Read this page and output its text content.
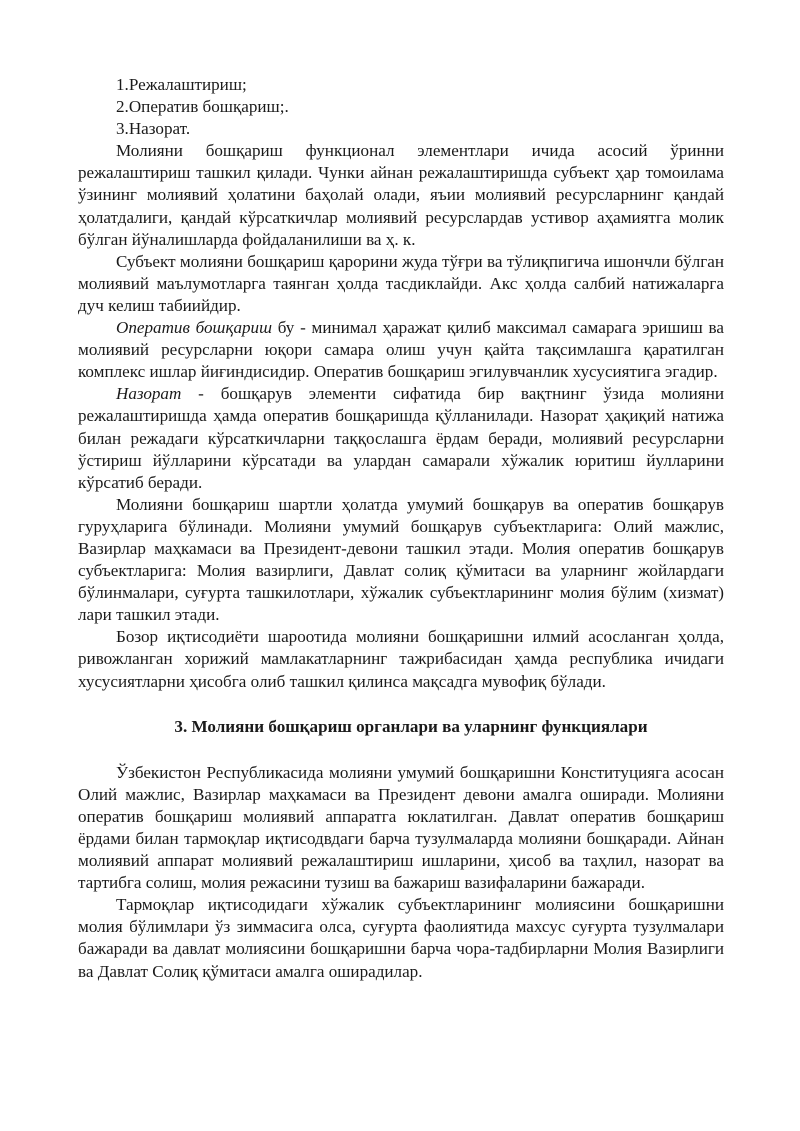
1.Режалаштириш;
2.Оператив бошқариш;.
3.Назорат.

Молияни бошқариш функционал элементлари ичида асосий ўринни режалаштириш ташкил қилади. Чунки айнан режалаштиришда субъект ҳар томоилама ўзининг молиявий ҳолатини баҳолай олади, яъии молиявий ресурсларнинг қандай ҳолатдалиги, қандай кўрсаткичлар молиявий ресурслардав устивор аҳамиятга молик бўлган йўналишларда фойдаланилиши ва ҳ. к.

Субъект молияни бошқариш қарорини жуда тўғри ва тўлиқпигича ишончли бўлган молиявий маълумотларга таянган ҳолда тасдиклайди. Акс ҳолда салбий натижаларга дуч келиш табиийдир.

Оператив бошқариш бу - минимал ҳаражат қилиб максимал самарага эришиш ва молиявий ресурсларни юқори самара олиш учун қайта тақсимлашга қаратилган комплекс ишлар йиғиндисидир. Оператив бошқариш эгилувчанлик хусусиятига эгадир.

Назорат - бошқарув элементи сифатида бир вақтнинг ўзида молияни режалаштиришда ҳамда оператив бошқаришда қўлланилади. Назорат ҳақиқий натижа билан режадаги кўрсаткичларни таққослашга ёрдам беради, молиявий ресурсларни ўстириш йўлларини кўрсатади ва улардан самарали хўжалик юритиш йулларини кўрсатиб беради.

Молияни бошқариш шартли ҳолатда умумий бошқарув ва оператив бошқарув гуруҳларига бўлинади. Молияни умумий бошқарув субъектларига: Олий мажлис, Вазирлар маҳкамаси ва Президент-девони ташкил этади. Молия оператив бошқарув субъектларига: Молия вазирлиги, Давлат солиқ қўмитаси ва уларнинг жойлардаги бўлинмалари, суғурта ташкилотлари, хўжалик субъектларининг молия бўлим (хизмат) лари ташкил этади.

Бозор иқтисодиёти шароотида молияни бошқаришни илмий асосланган ҳолда, ривожланган хорижий мамлакатларнинг тажрибасидан ҳамда республика ичидаги хусусиятларни ҳисобга олиб ташкил қилинса мақсадга мувофиқ бўлади.

3. Молияни бошқариш органлари ва уларнинг функциялари

Ўзбекистон Республикасида молияни умумий бошқаришни Конституцияга асосан Олий мажлис, Вазирлар маҳкамаси ва Президент девони амалга оширади. Молияни оператив бошқариш молиявий аппаратга юклатилган. Давлат оператив бошқариш ёрдами билан тармоқлар иқтисодвдаги барча тузулмаларда молияни бошқаради. Айнан молиявий аппарат молиявий режалаштириш ишларини, ҳисоб ва таҳлил, назорат ва тартибга солиш, молия режасини тузиш ва бажариш вазифаларини бажаради.

Тармоқлар иқтисодидаги хўжалик субъектларининг молиясини бошқаришни молия бўлимлари ўз зиммасига олса, суғурта фаолиятида махсус суғурта тузулмалари бажаради ва давлат молиясини бошқаришни барча чора-тадбирларни Молия Вазирлиги ва Давлат Солиқ қўмитаси амалга оширадилар.
